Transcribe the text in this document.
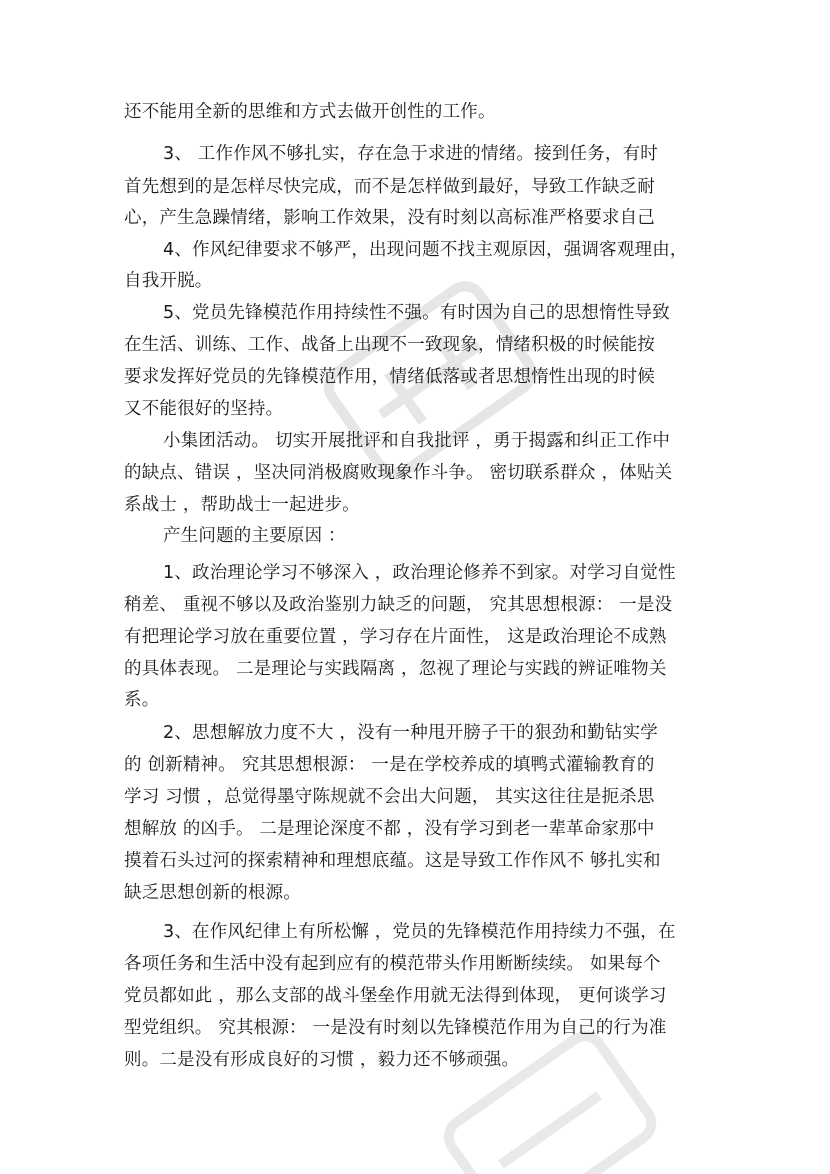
还不能用全新的思维和方式去做开创性的工作。
3、 工作作风不够扎实，存在急于求进的情绪。接到任务，有时
首先想到的是怎样尽快完成，而不是怎样做到最好，导致工作缺乏耐
心，产生急躁情绪，影响工作效果，没有时刻以高标准严格要求自己
4、作风纪律要求不够严，出现问题不找主观原因，强调客观理由，
自我开脱。
5、党员先锋模范作用持续性不强。有时因为自己的思想惰性导致
在生活、训练、工作、战备上出现不一致现象，情绪积极的时候能按
要求发挥好党员的先锋模范作用，情绪低落或者思想惰性出现的时候
又不能很好的坚持。
小集团活动。 切实开展批评和自我批评 ，勇于揭露和纠正工作中
的缺点、错误 ，坚决同消极腐败现象作斗争。 密切联系群众 ，体贴关
系战士 ，帮助战士一起进步。
产生问题的主要原因 ：
1、政治理论学习不够深入 ，政治理论修养不到家。对学习自觉性
稍差、 重视不够以及政治鉴别力缺乏的问题， 究其思想根源： 一是没
有把理论学习放在重要位置 ，学习存在片面性， 这是政治理论不成熟
的具体表现。 二是理论与实践隔离 ，忽视了理论与实践的辨证唯物关
系。
2、思想解放力度不大 ，没有一种甩开膀子干的狠劲和勤钻实学
的 创新精神。 究其思想根源： 一是在学校养成的填鸭式灌输教育的
学习 习惯 ，总觉得墨守陈规就不会出大问题， 其实这往往是扼杀思
想解放 的凶手。 二是理论深度不都 ，没有学习到老一辈革命家那中
摸着石头过河的探索精神和理想底蕴。这是导致工作作风不 够扎实和
缺乏思想创新的根源。
3、在作风纪律上有所松懈 ，党员的先锋模范作用持续力不强，在
各项任务和生活中没有起到应有的模范带头作用断断续续。 如果每个
党员都如此 ，那么支部的战斗堡垒作用就无法得到体现， 更何谈学习
型党组织。 究其根源： 一是没有时刻以先锋模范作用为自己的行为准
则。二是没有形成良好的习惯 ，毅力还不够顽强。
